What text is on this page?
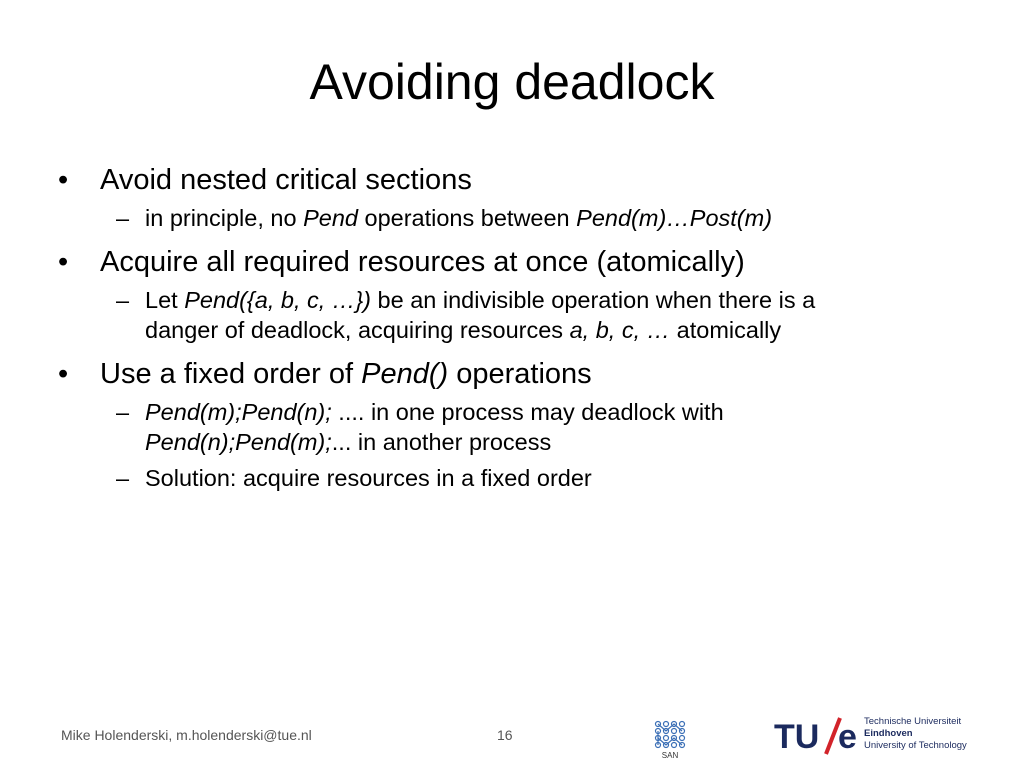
Avoiding deadlock
• Avoid nested critical sections
– in principle, no Pend operations between Pend(m)…Post(m)
• Acquire all required resources at once (atomically)
– Let Pend({a, b, c, …}) be an indivisible operation when there is a
danger of deadlock, acquiring resources a, b, c, … atomically
• Use a fixed order of Pend() operations
– Pend(m);Pend(n); .... in one process may deadlock with
Pend(n);Pend(m);... in another process
– Solution: acquire resources in a fixed order
Mike Holenderski, m.holenderski@tue.nl	16
SAN	TU e Technische Universiteit
Eindhoven
University of Technology
